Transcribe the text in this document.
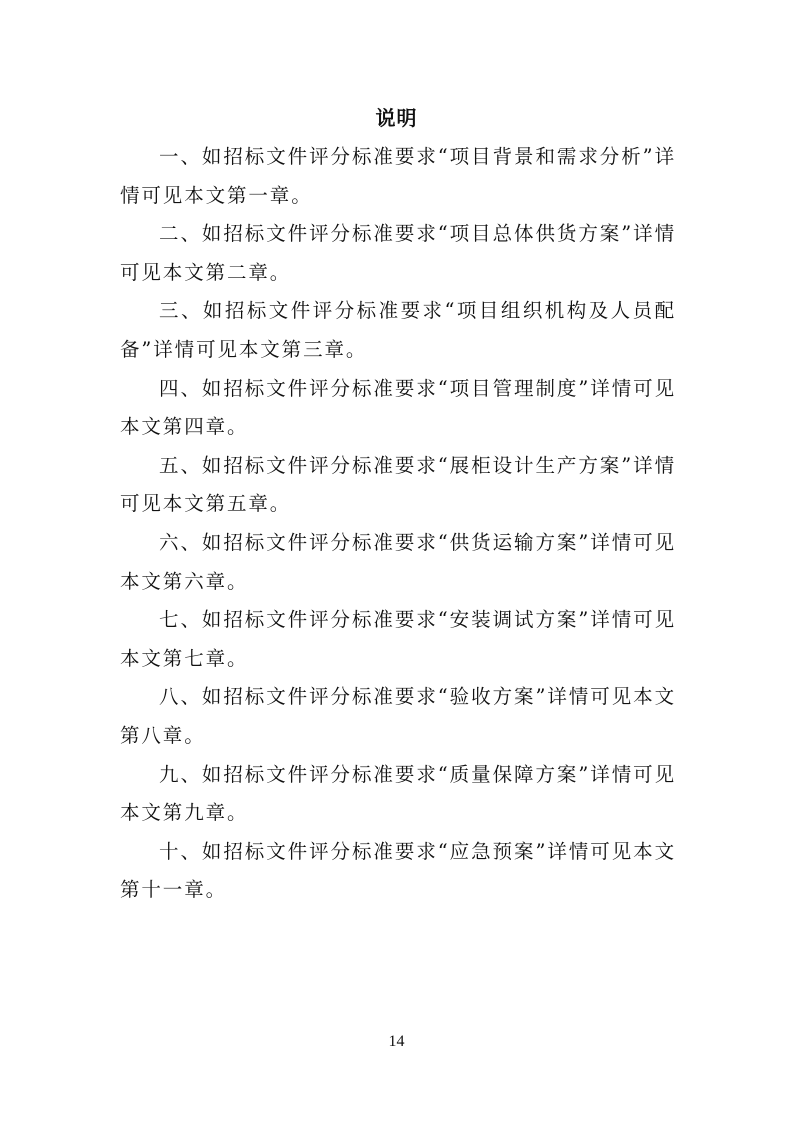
说明

一、如招标文件评分标准要求“项目背景和需求分析”详情可见本文第一章。

二、如招标文件评分标准要求“项目总体供货方案”详情可见本文第二章。

三、如招标文件评分标准要求“项目组织机构及人员配备”详情可见本文第三章。

四、如招标文件评分标准要求“项目管理制度”详情可见本文第四章。

五、如招标文件评分标准要求“展柜设计生产方案”详情可见本文第五章。

六、如招标文件评分标准要求“供货运输方案”详情可见本文第六章。

七、如招标文件评分标准要求“安装调试方案”详情可见本文第七章。

八、如招标文件评分标准要求“验收方案”详情可见本文第八章。

九、如招标文件评分标准要求“质量保障方案”详情可见本文第九章。

十、如招标文件评分标准要求“应急预案”详情可见本文第十一章。

14
